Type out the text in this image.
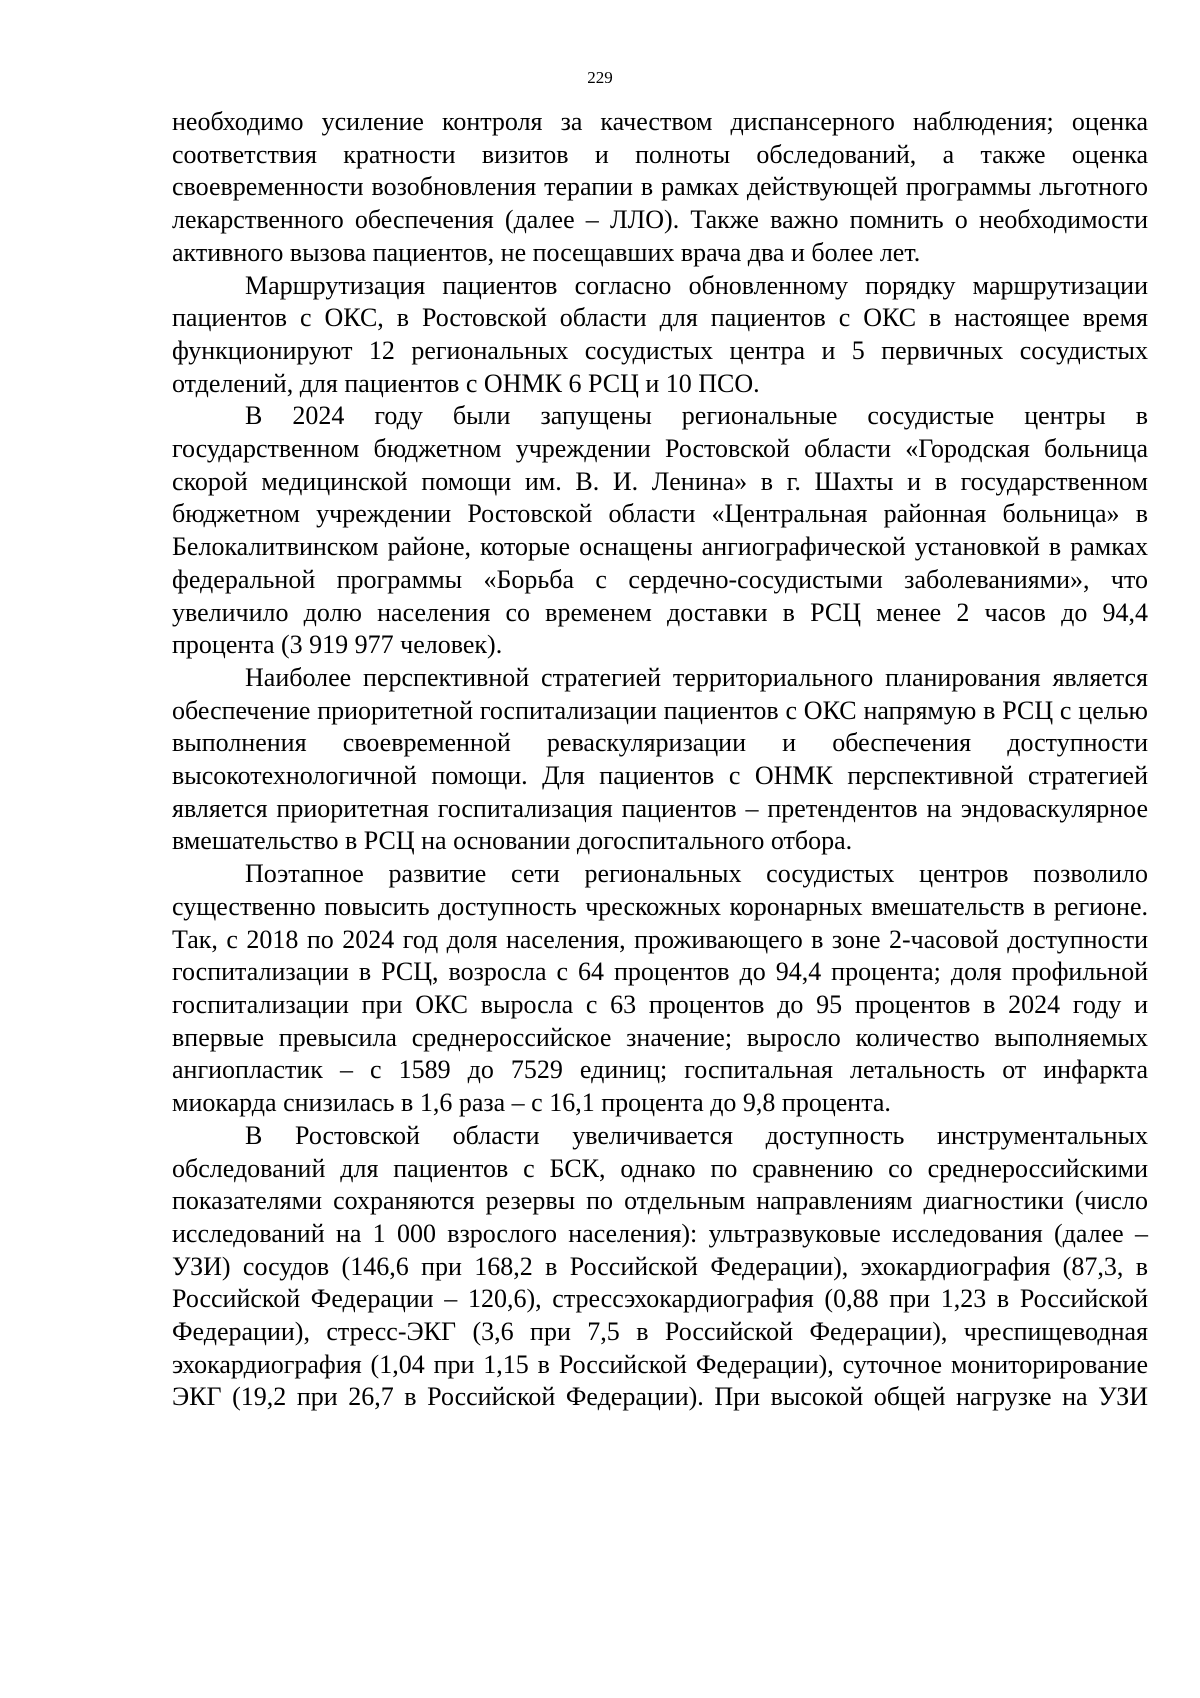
229

необходимо усиление контроля за качеством диспансерного наблюдения; оценка соответствия кратности визитов и полноты обследований, а также оценка своевременности возобновления терапии в рамках действующей программы льготного лекарственного обеспечения (далее – ЛЛО). Также важно помнить о необходимости активного вызова пациентов, не посещавших врача два и более лет.

Маршрутизация пациентов согласно обновленному порядку маршрутизации пациентов с ОКС, в Ростовской области для пациентов с ОКС в настоящее время функционируют 12 региональных сосудистых центра и 5 первичных сосудистых отделений, для пациентов с ОНМК 6 РСЦ и 10 ПСО.

В 2024 году были запущены региональные сосудистые центры в государственном бюджетном учреждении Ростовской области «Городская больница скорой медицинской помощи им. В. И. Ленина» в г. Шахты и в государственном бюджетном учреждении Ростовской области «Центральная районная больница» в Белокалитвинском районе, которые оснащены ангиографической установкой в рамках федеральной программы «Борьба с сердечно-сосудистыми заболеваниями», что увеличило долю населения со временем доставки в РСЦ менее 2 часов до 94,4 процента (3 919 977 человек).

Наиболее перспективной стратегией территориального планирования является обеспечение приоритетной госпитализации пациентов с ОКС напрямую в РСЦ с целью выполнения своевременной реваскуляризации и обеспечения доступности высокотехнологичной помощи. Для пациентов с ОНМК перспективной стратегией является приоритетная госпитализация пациентов – претендентов на эндоваскулярное вмешательство в РСЦ на основании догоспитального отбора.

Поэтапное развитие сети региональных сосудистых центров позволило существенно повысить доступность чрескожных коронарных вмешательств в регионе. Так, с 2018 по 2024 год доля населения, проживающего в зоне 2-часовой доступности госпитализации в РСЦ, возросла с 64 процентов до 94,4 процента; доля профильной госпитализации при ОКС выросла с 63 процентов до 95 процентов в 2024 году и впервые превысила среднероссийское значение; выросло количество выполняемых ангиопластик – с 1589 до 7529 единиц; госпитальная летальность от инфаркта миокарда снизилась в 1,6 раза – с 16,1 процента до 9,8 процента.

В Ростовской области увеличивается доступность инструментальных обследований для пациентов с БСК, однако по сравнению со среднероссийскими показателями сохраняются резервы по отдельным направлениям диагностики (число исследований на 1 000 взрослого населения): ультразвуковые исследования (далее – УЗИ) сосудов (146,6 при 168,2 в Российской Федерации), эхокардиография (87,3, в Российской Федерации – 120,6), стрессэхокардиография (0,88 при 1,23 в Российской Федерации), стресс-ЭКГ (3,6 при 7,5 в Российской Федерации), чреспищеводная эхокардиография (1,04 при 1,15 в Российской Федерации), суточное мониторирование ЭКГ (19,2 при 26,7 в Российской Федерации). При высокой общей нагрузке на УЗИ
